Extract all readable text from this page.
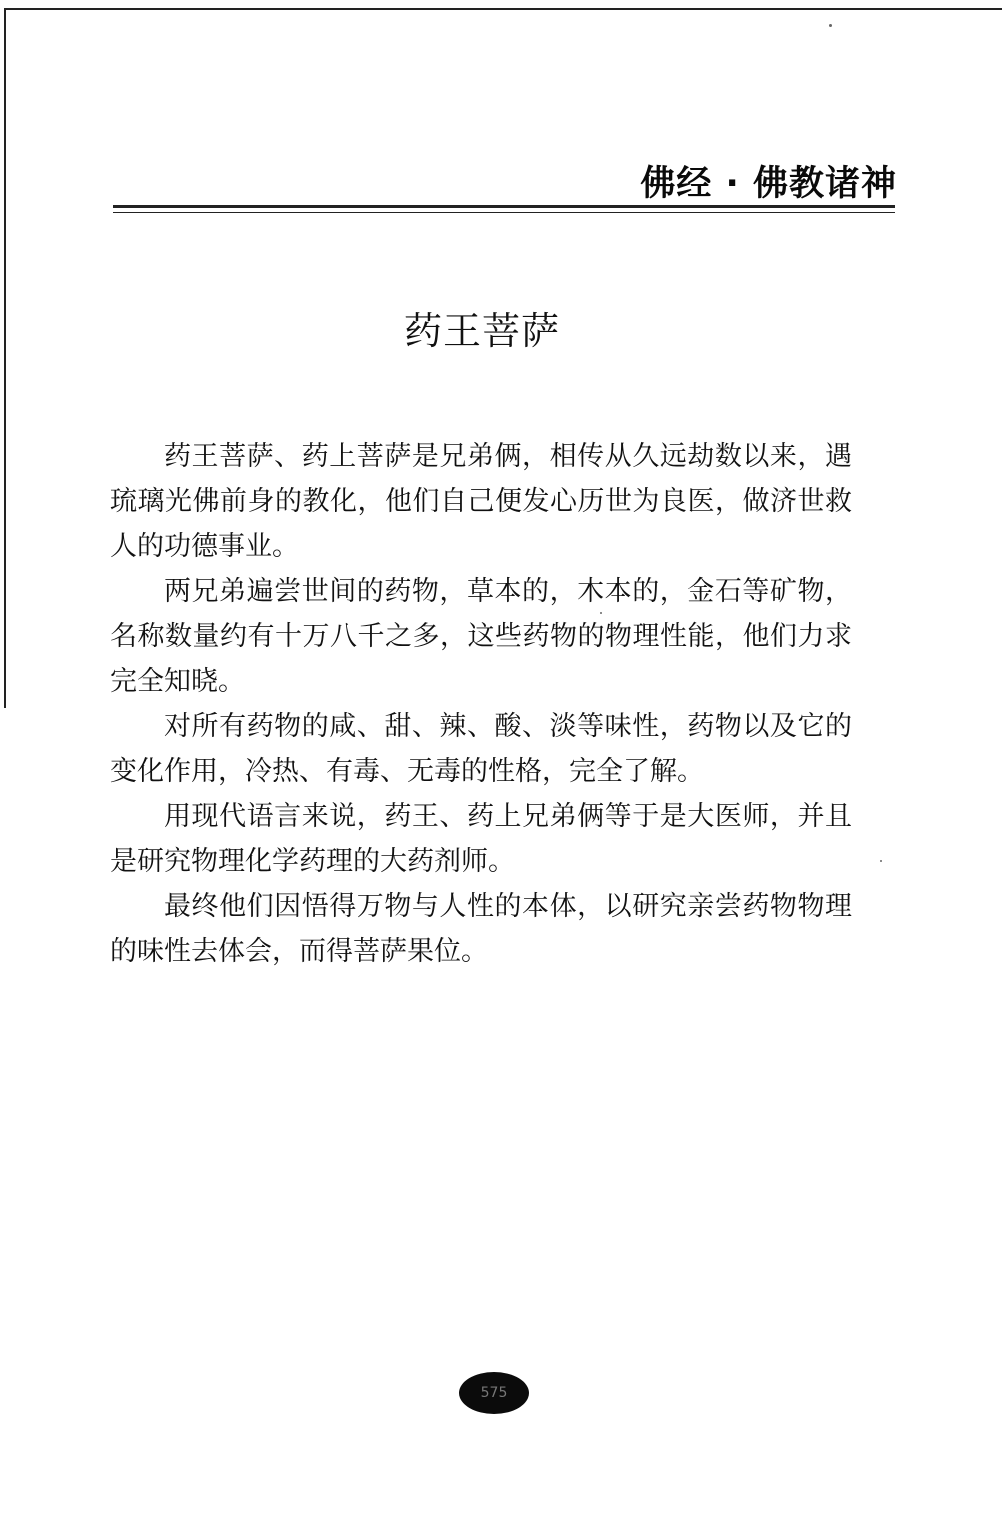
佛经 · 佛教诸神
药王菩萨

药王菩萨、药上菩萨是兄弟俩，相传从久远劫数以来，遇琉璃光佛前身的教化，他们自己便发心历世为良医，做济世救人的功德事业。

两兄弟遍尝世间的药物，草本的，木本的，金石等矿物，名称数量约有十万八千之多，这些药物的物理性能，他们力求完全知晓。

对所有药物的咸、甜、辣、酸、淡等味性，药物以及它的变化作用，冷热、有毒、无毒的性格，完全了解。

用现代语言来说，药王、药上兄弟俩等于是大医师，并且是研究物理化学药理的大药剂师。

最终他们因悟得万物与人性的本体，以研究亲尝药物物理的味性去体会，而得菩萨果位。

575
